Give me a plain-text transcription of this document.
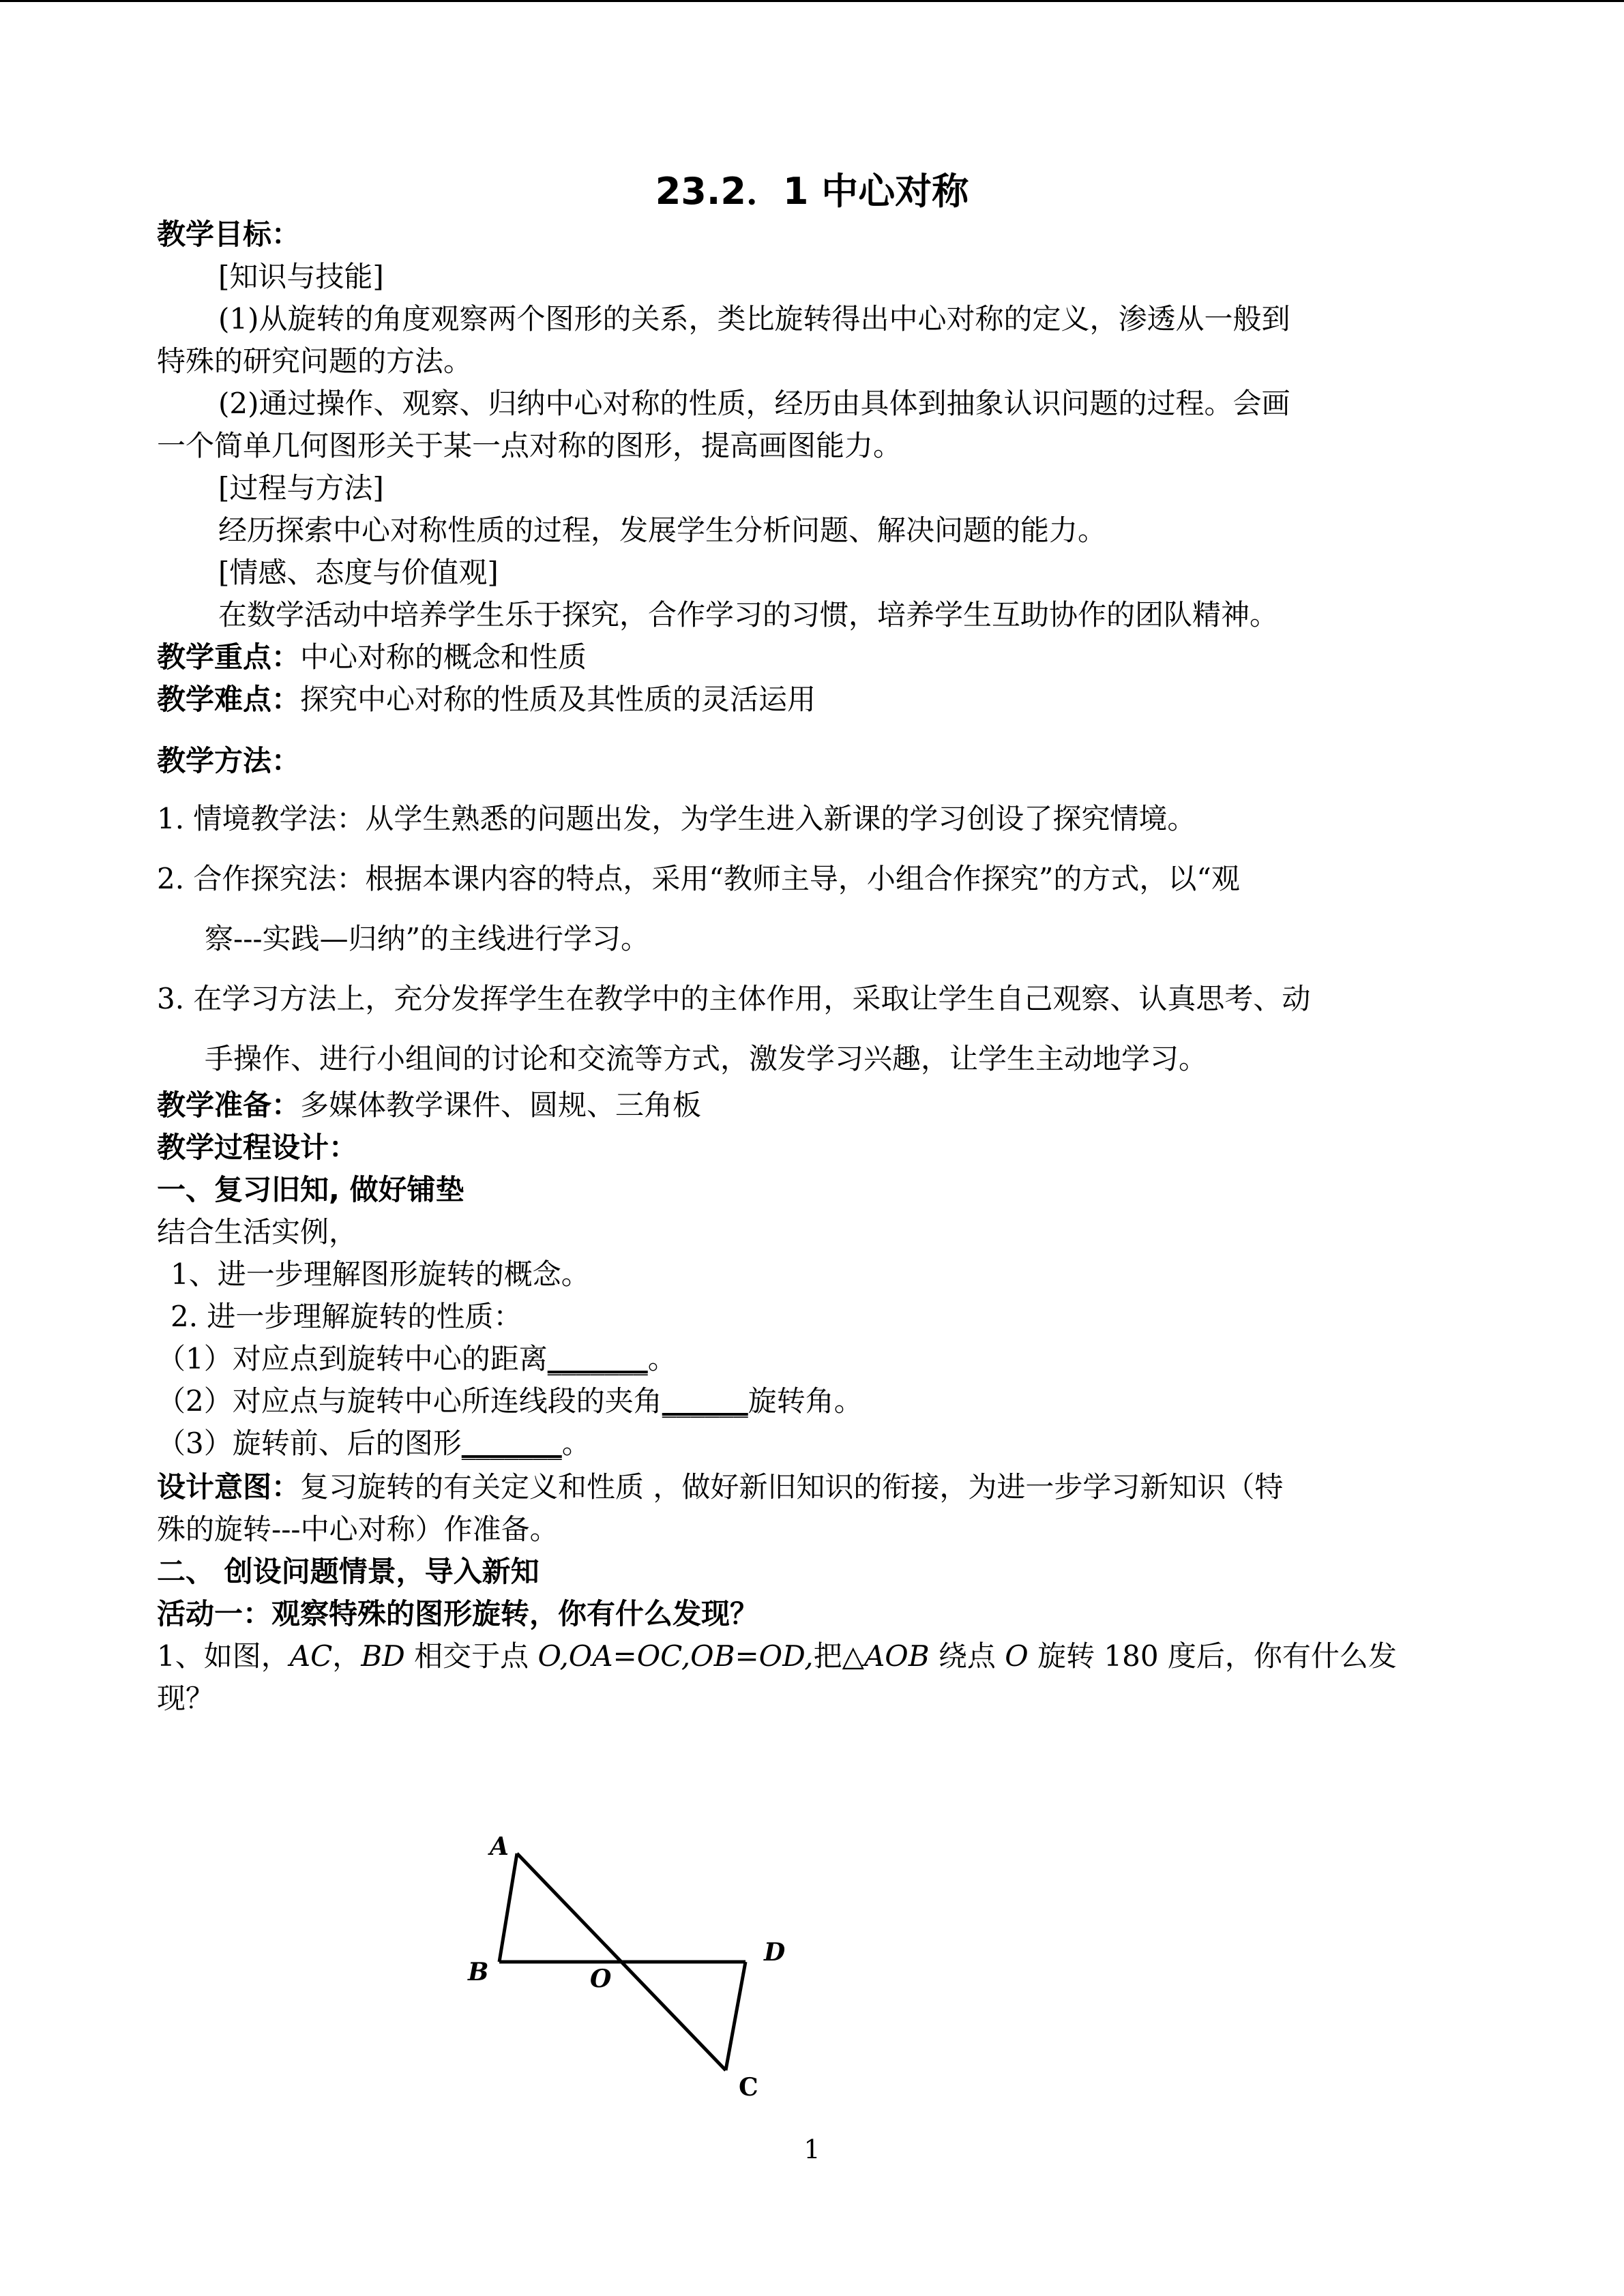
23.2．1 中心对称
教学目标：
[知识与技能]
(1)从旋转的角度观察两个图形的关系，类比旋转得出中心对称的定义，渗透从一般到
特殊的研究问题的方法。
(2)通过操作、观察、归纳中心对称的性质，经历由具体到抽象认识问题的过程。会画
一个简单几何图形关于某一点对称的图形，提高画图能力。
[过程与方法]
经历探索中心对称性质的过程，发展学生分析问题、解决问题的能力。
[情感、态度与价值观]
在数学活动中培养学生乐于探究，合作学习的习惯，培养学生互助协作的团队精神。
教学重点：中心对称的概念和性质
教学难点：探究中心对称的性质及其性质的灵活运用
教学方法：
1. 情境教学法：从学生熟悉的问题出发，为学生进入新课的学习创设了探究情境。
2. 合作探究法：根据本课内容的特点，采用“教师主导，小组合作探究”的方式，以“观
察---实践—归纳”的主线进行学习。
3. 在学习方法上，充分发挥学生在教学中的主体作用，采取让学生自己观察、认真思考、动
手操作、进行小组间的讨论和交流等方式，激发学习兴趣，让学生主动地学习。
教学准备：多媒体教学课件、圆规、三角板
教学过程设计：
一、复习旧知, 做好铺垫
结合生活实例，
1、进一步理解图形旋转的概念。
2. 进一步理解旋转的性质：
（1）对应点到旋转中心的距离_______。
（2）对应点与旋转中心所连线段的夹角______旋转角。
（3）旋转前、后的图形_______。
设计意图：复习旋转的有关定义和性质 ，做好新旧知识的衔接，为进一步学习新知识（特
殊的旋转---中心对称）作准备。
二、 创设问题情景，导入新知
活动一：观察特殊的图形旋转，你有什么发现？
1、如图，AC，BD 相交于点 O,OA=OC,OB=OD,把△AOB 绕点 O 旋转 180 度后，你有什么发
现？
A
B	O
D
C
1
